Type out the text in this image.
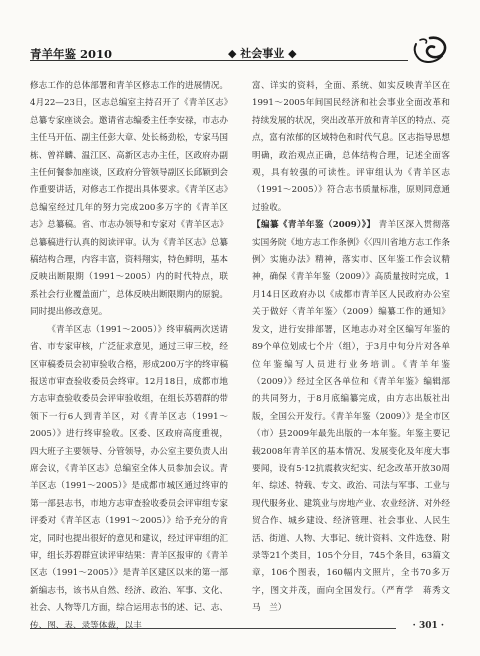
青羊年鉴 2010	◆ 社会事业 ◆

修志工作的总体部署和青羊区修志工作的进展情况。4月22—23日，区志总编室主持召开了《青羊区志》总纂专家座谈会。邀请省志编委主任李安禄，市志办主任马开伍、副主任彭大章、处长杨劲松，专家马国栋、曾祥麟、温江区、高新区志办主任，区政府办副主任何餐参加座谈，区政府分管领导副区长邱颖到会作重要讲话，对修志工作提出具体要求。《青羊区志》总编室经过几年的努力完成200多万字的《青羊区志》总纂稿。省、市志办领导和专家对《青羊区志》总纂稿进行认真的阅读评审。认为《青羊区志》总纂稿结构合理，内容丰富，资料翔实，特色鲜明，基本反映出断限期（1991～2005）内的时代特点，联系社会行业覆盖面广，总体反映出断限期内的原貌。同时提出修改意见。

《青羊区志（1991～2005）》终审稿两次送请省、市专家审核，广泛征求意见，通过三审三校，经区审稿委员会初审验收合格，形成200万字的终审稿报送市审查验收委员会终审。12月18日，成都市地方志审查验收委员会评审验收组，在组长苏碧群的带领下一行6人到青羊区，对《青羊区志（1991～2005）》进行终审验收。区委、区政府高度重视，四大班子主要领导、分管领导，办公室主要负责人出席会议，《青羊区志》总编室全体人员参加会议。青羊区志（1991～2005）》是成都市城区通过终审的第一部县志书，市地方志审查验收委员会评审组专家评委对《青羊区志（1991～2005）》给予充分的肯定，同时也提出很好的意见和建议，经过评审组的汇审，组长苏碧群宣读评审结果：青羊区报审的《青羊区志（1991～2005）》是青羊区建区以来的第一部新编志书，该书从自然、经济、政治、军事、文化、社会、人物等几方面，综合运用志书的述、记、志、传、图、表、录等体裁，以丰

富、详实的资料，全面、系统、如实反映青羊区在1991～2005年间国民经济和社会事业全面改革和持续发展的状况，突出改革开放和青羊区的特点、亮点，富有浓郁的区域特色和时代气息。区志指导思想明确，政治观点正确，总体结构合理，记述全面客观，具有较强的可读性。评审组认为《青羊区志（1991～2005）》符合志书质量标准，原则同意通过验收。

【编纂《青羊年鉴（2009）》】 青羊区深入贯彻落实国务院《地方志工作条例》《〈四川省地方志工作条例〉实施办法》精神，落实市、区年鉴工作会议精神，确保《青羊年鉴（2009）》高质量按时完成，1月14日区政府办以《成都市青羊区人民政府办公室关于做好〈青羊年鉴〉（2009）编纂工作的通知》发文，进行安排部署，区地志办对全区编写年鉴的89个单位划成七个片（组），于3月中旬分片对各单位年鉴编写人员进行业务培训。《青羊年鉴（2009）》经过全区各单位和《青羊年鉴》编辑部的共同努力，于8月底编纂完成，由方志出版社出版，全国公开发行。《青羊年鉴（2009）》是全市区（市）县2009年最先出版的一本年鉴。年鉴主要记载2008年青羊区的基本情况、发展变化及年度大事要闻，设有5·12抗震救灾纪实、纪念改革开放30周年、综述、特载、专文、政治、司法与军事、工业与现代服务业、建筑业与房地产业、农业经济、对外经贸合作、城乡建设、经济管理、社会事业、人民生活、街道、人物、大事记、统计资料、文件选登、附录等21个类目，105个分目，745个条目，63篇文章，106个图表，160幅内文照片，全书70多万字，图文并茂，面向全国发行。（严育学　蒋秀文　马　兰）

· 301 ·
